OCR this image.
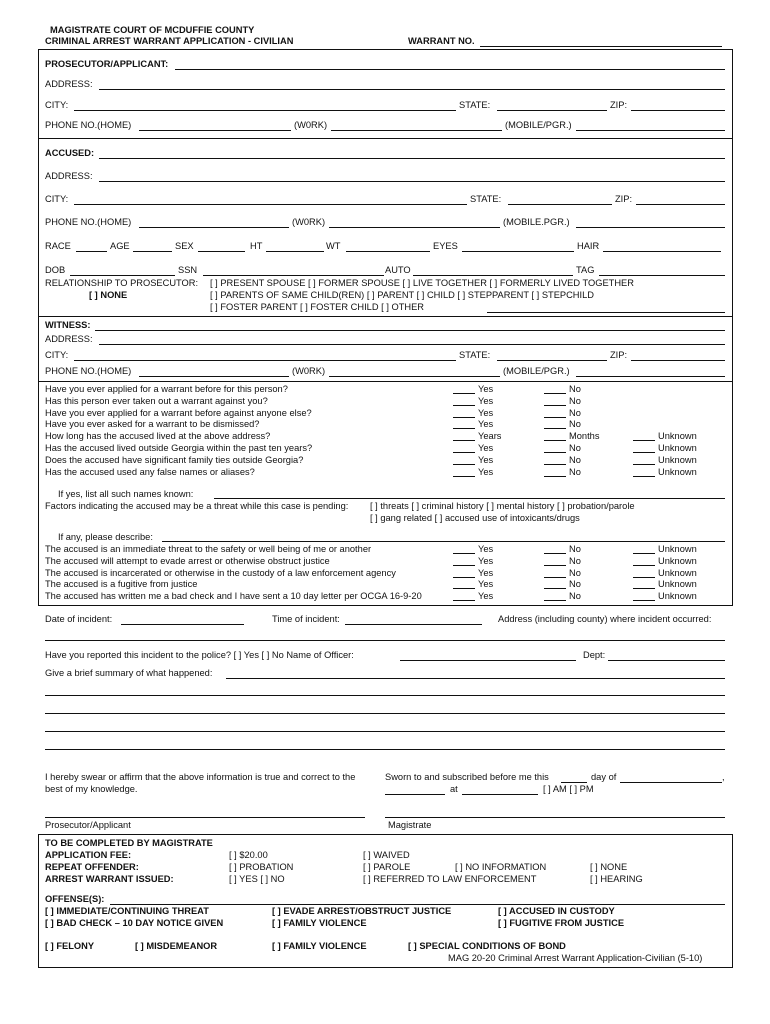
MAGISTRATE COURT OF MCDUFFIE COUNTY
CRIMINAL ARREST WARRANT APPLICATION - CIVILIAN	WARRANT NO.
PROSECUTOR/APPLICANT:
ADDRESS:
CITY:	STATE:	ZIP:
PHONE NO.(HOME)	(W0RK)	(MOBILE/PGR.)
ACCUSED:
ADDRESS:
CITY:	STATE:	ZIP:
PHONE NO.(HOME)	(W0RK)	(MOBILE.PGR.)
RACE	AGE	SEX	HT	WT	EYES	HAIR
DOB	SSN	AUTO	TAG
RELATIONSHIP TO PROSECUTOR: [ ] PRESENT SPOUSE [ ] FORMER SPOUSE [ ] LIVE TOGETHER [ ] FORMERLY LIVED TOGETHER
[ ] NONE	[ ] PARENTS OF SAME CHILD(REN) [ ] PARENT [ ] CHILD [ ] STEPPARENT [ ] STEPCHILD
[ ] FOSTER PARENT [ ] FOSTER CHILD [ ] OTHER
WITNESS:
ADDRESS:
CITY:	STATE:	ZIP:
PHONE NO.(HOME)	(W0RK)	(MOBILE/PGR.)
Have you ever applied for a warrant before for this person?	Yes	No
Has this person ever taken out a warrant against you?	Yes	No
Have you ever applied for a warrant before against anyone else?	Yes	No
Have you ever asked for a warrant to be dismissed?	Yes	No
How long has the accused lived at the above address?	Years	Months	Unknown
Has the accused lived outside Georgia within the past ten years?	Yes	No	Unknown
Does the accused have significant family ties outside Georgia?	Yes	No	Unknown
Has the accused used any false names or aliases?	Yes	No	Unknown
If yes, list all such names known:
Factors indicating the accused may be a threat while this case is pending: [ ] threats [ ] criminal history [ ] mental history [ ] probation/parole
[ ] gang related [ ] accused use of intoxicants/drugs
If any, please describe:
The accused is an immediate threat to the safety or well being of me or another	Yes	No	Unknown
The accused will attempt to evade arrest or otherwise obstruct justice	Yes	No	Unknown
The accused is incarcerated or otherwise in the custody of a law enforcement agency	Yes	No	Unknown
The accused is a fugitive from justice	Yes	No	Unknown
The accused has written me a bad check and I have sent a 10 day letter per OCGA 16-9-20	Yes	No	Unknown
Date of incident:	Time of incident:	Address (including county) where incident occurred:
Have you reported this incident to the police? [ ] Yes [ ] No Name of Officer:	Dept:
Give a brief summary of what happened:
I hereby swear or affirm that the above information is true and correct to the
best of my knowledge.
Sworn to and subscribed before me this	day of	,
at	[ ] AM [ ] PM
Prosecutor/Applicant	Magistrate
TO BE COMPLETED BY MAGISTRATE
APPLICATION FEE:	[ ] $20.00	[ ] WAIVED
REPEAT OFFENDER:	[ ] PROBATION	[ ] PAROLE	[ ] NO INFORMATION	[ ] NONE
ARREST WARRANT ISSUED:	[ ] YES [ ] NO	[ ] REFERRED TO LAW ENFORCEMENT	[ ] HEARING
OFFENSE(S):
[ ] IMMEDIATE/CONTINUING THREAT	[ ] EVADE ARREST/OBSTRUCT JUSTICE	[ ] ACCUSED IN CUSTODY
[ ] BAD CHECK – 10 DAY NOTICE GIVEN	[ ] FAMILY VIOLENCE	[ ] FUGITIVE FROM JUSTICE
[ ] FELONY	[ ] MISDEMEANOR	[ ] FAMILY VIOLENCE	[ ] SPECIAL CONDITIONS OF BOND
MAG 20-20 Criminal Arrest Warrant Application-Civilian (5-10)
